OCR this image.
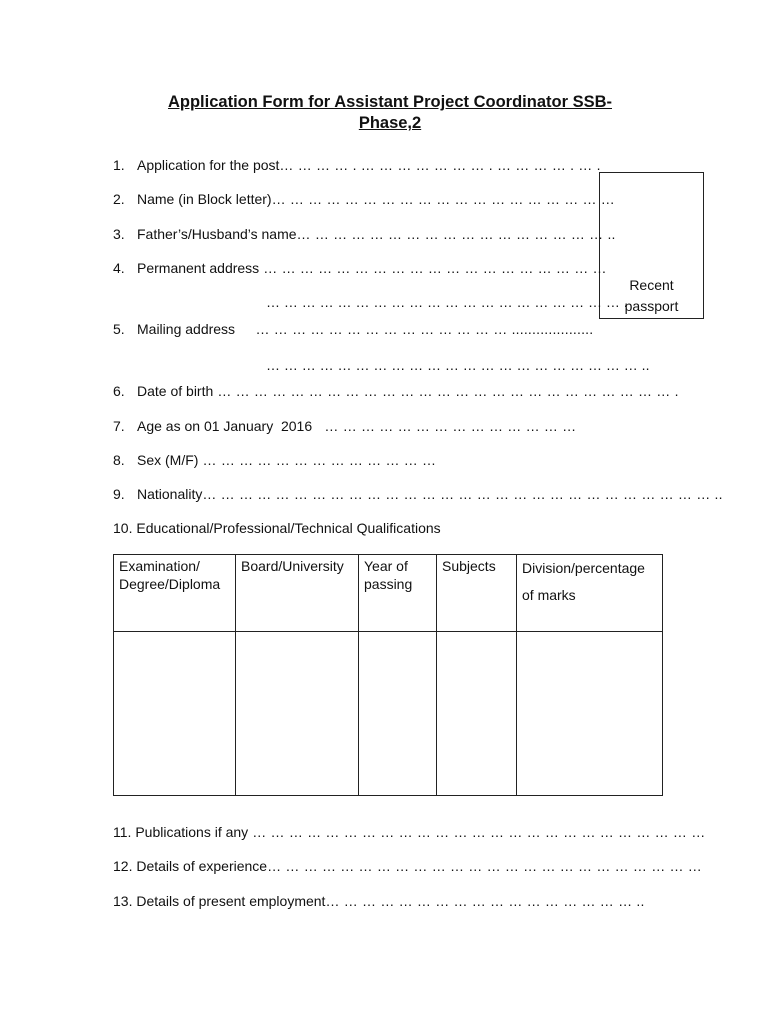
Application Form for Assistant Project Coordinator SSB-
Phase,2
Recent
passport
1. Application for the post… … … … . … … … … … … … . … … … … . … .
2. Name (in Block letter)… … … … … … … … … … … … … … … … … … …
3. Father’s/Husband’s name… … … … … … … … … … … … … … … … … ..
4. Permanent address … … … … … … … … … … … … … … … … … … …
… … … … … … … … … … … … … … … … … … … … .
5. Mailing address     … … … … … … … … … … … … … … ....................
… … … … … … … … … … … … … … … … … … … … … ..
6. Date of birth … … … … … … … … … … … … … … … … … … … … … … … … … .
7. Age as on 01 January  2016   … … … … … … … … … … … … … …
8. Sex (M/F) … … … … … … … … … … … … …
9. Nationality… … … … … … … … … … … … … … … … … … … … … … … … … … … … ..
10. Educational/Professional/Technical Qualifications
Examination/ Degree/Diploma	Board/University	Year of passing	Subjects	Division/percentage of marks

11. Publications if any … … … … … … … … … … … … … … … … … … … … … … … … …
12. Details of experience… … … … … … … … … … … … … … … … … … … … … … … …
13. Details of present employment… … … … … … … … … … … … … … … … … ..
